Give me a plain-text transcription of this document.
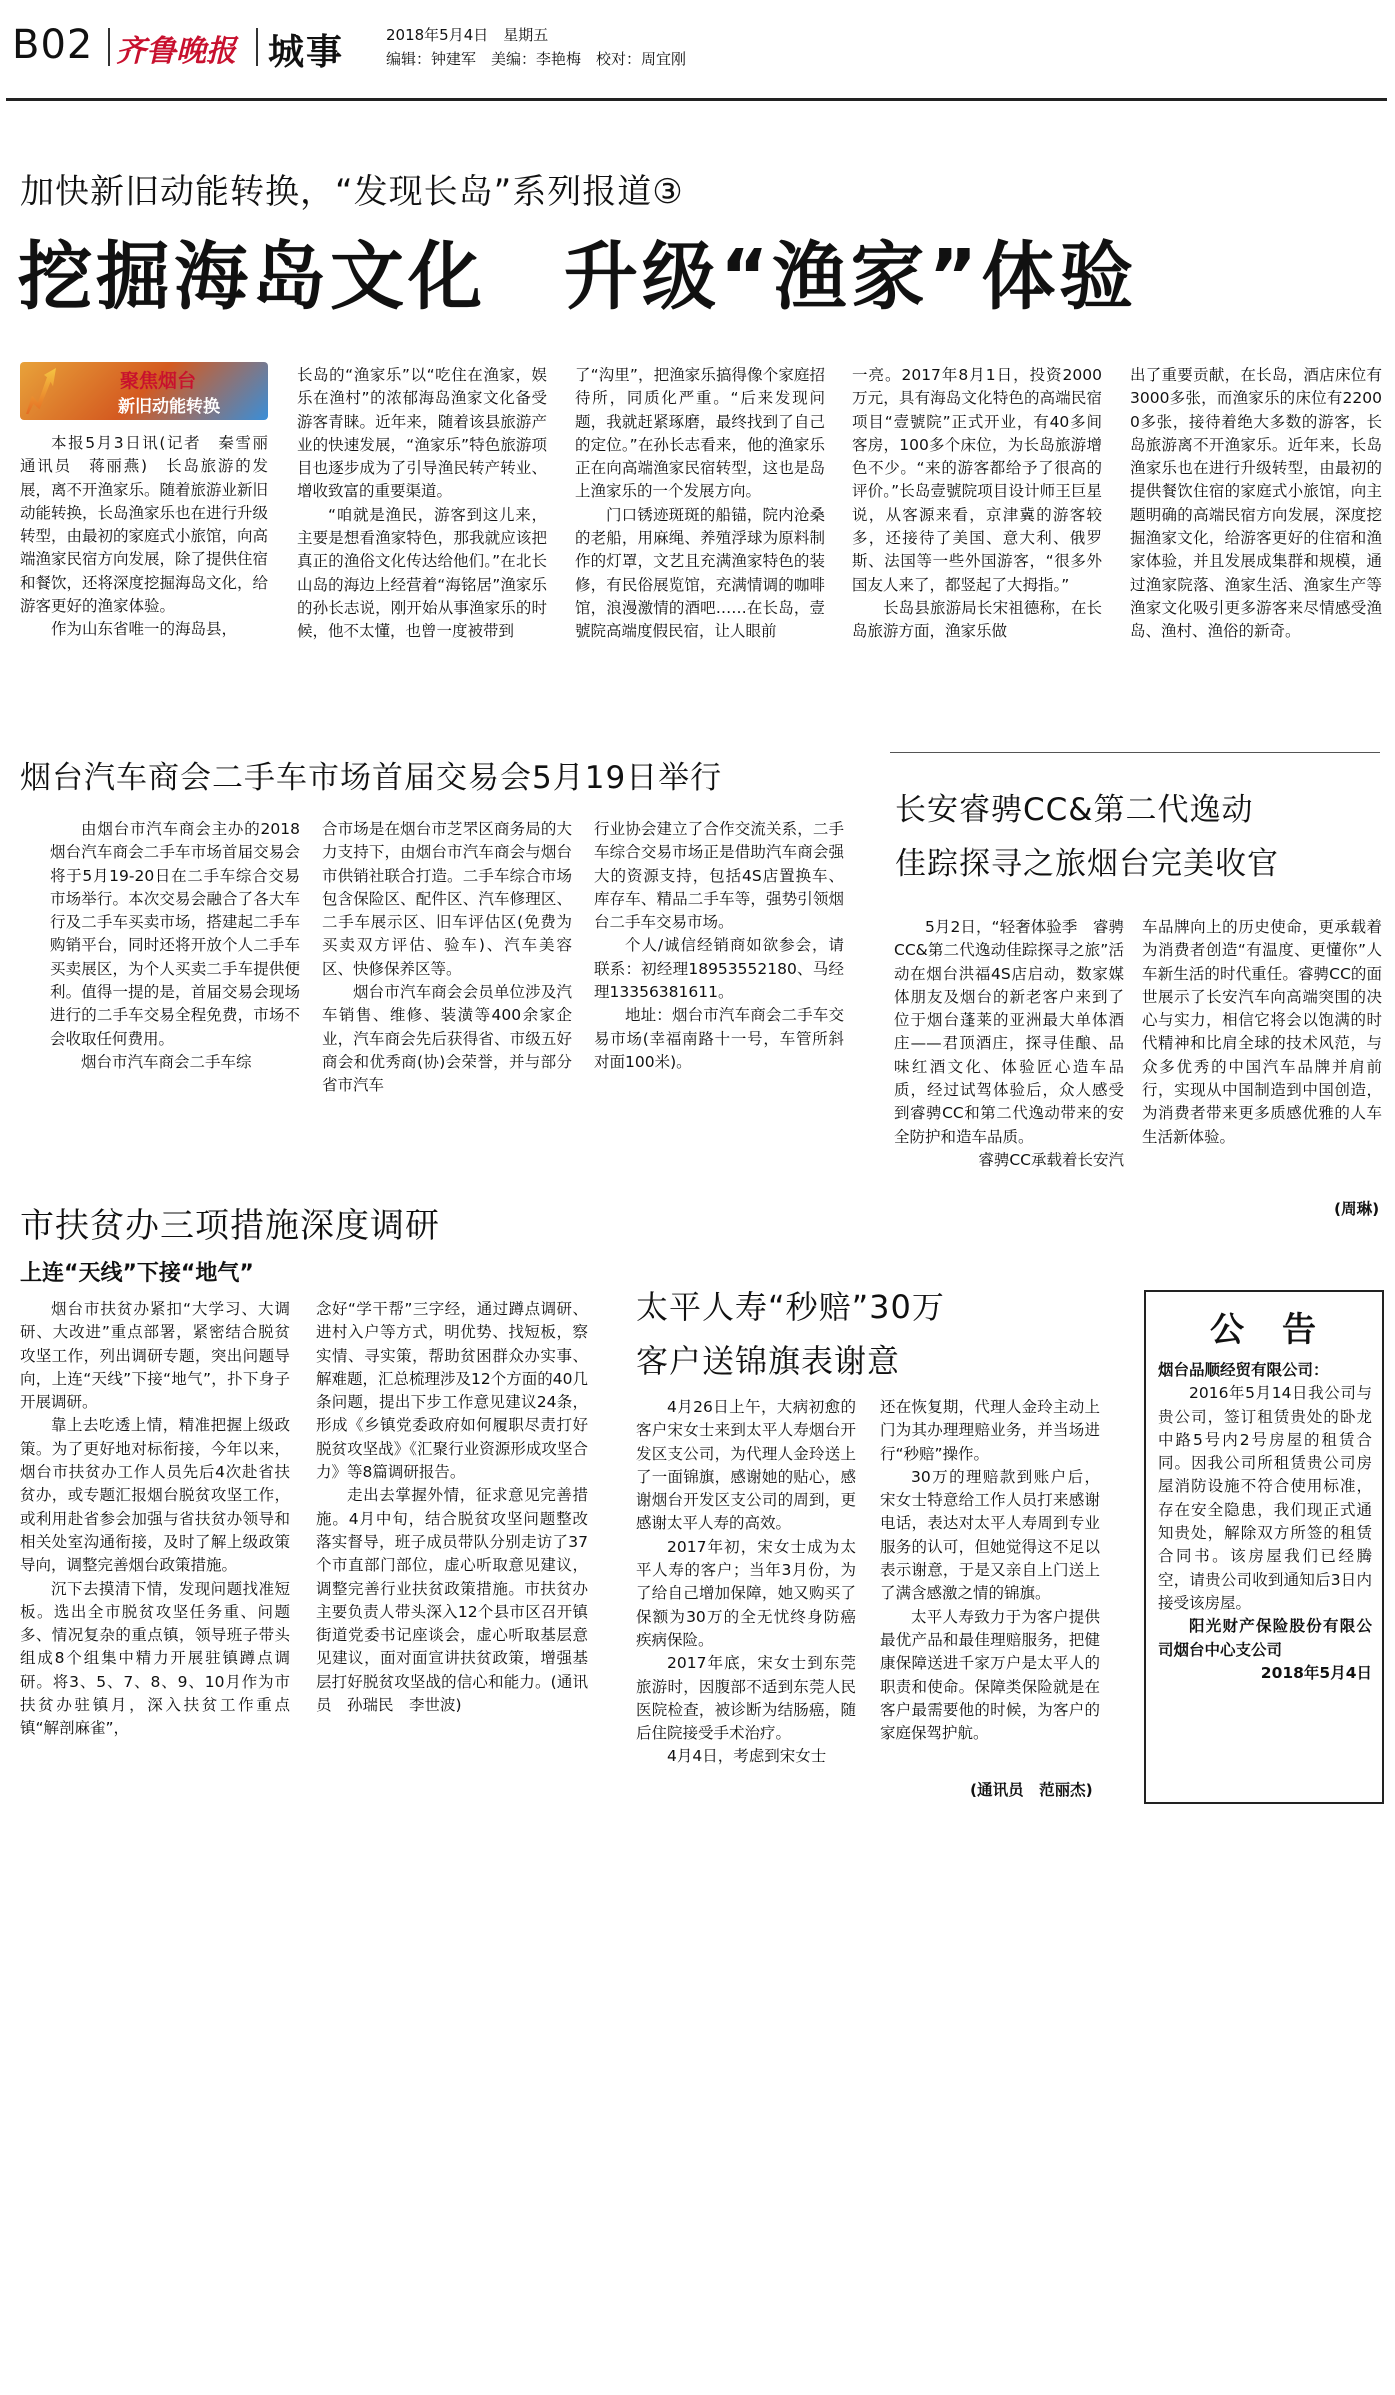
B02 齐鲁晚报 城事	2018年5月4日　星期五
编辑：钟建军　美编：李艳梅　校对：周宜刚
加快新旧动能转换，“发现长岛”系列报道③
挖掘海岛文化　升级“渔家”体验
聚焦烟台
新旧动能转换

本报5月3日讯(记者　秦雪丽　通讯员　蒋丽燕)　长岛旅游的发展，离不开渔家乐。随着旅游业新旧动能转换，长岛渔家乐也在进行升级转型，由最初的家庭式小旅馆，向高端渔家民宿方向发展，除了提供住宿和餐饮，还将深度挖掘海岛文化，给游客更好的渔家体验。

作为山东省唯一的海岛县，

长岛的“渔家乐”以“吃住在渔家，娱乐在渔村”的浓郁海岛渔家文化备受游客青睐。近年来，随着该县旅游产业的快速发展，“渔家乐”特色旅游项目也逐步成为了引导渔民转产转业、增收致富的重要渠道。

“咱就是渔民，游客到这儿来，主要是想看渔家特色，那我就应该把真正的渔俗文化传达给他们。”在北长山岛的海边上经营着“海铭居”渔家乐的孙长志说，刚开始从事渔家乐的时候，他不太懂，也曾一度被带到

了“沟里”，把渔家乐搞得像个家庭招待所，同质化严重。“后来发现问题，我就赶紧琢磨，最终找到了自己的定位。”在孙长志看来，他的渔家乐正在向高端渔家民宿转型，这也是岛上渔家乐的一个发展方向。

门口锈迹斑斑的船锚，院内沧桑的老船，用麻绳、养殖浮球为原料制作的灯罩，文艺且充满渔家特色的装修，有民俗展览馆，充满情调的咖啡馆，浪漫激情的酒吧……在长岛，壹號院高端度假民宿，让人眼前

一亮。2017年8月1日，投资2000万元，具有海岛文化特色的高端民宿项目“壹號院”正式开业，有40多间客房，100多个床位，为长岛旅游增色不少。“来的游客都给予了很高的评价。”长岛壹號院项目设计师王巨星说，从客源来看，京津冀的游客较多，还接待了美国、意大利、俄罗斯、法国等一些外国游客，“很多外国友人来了，都竖起了大拇指。”

长岛县旅游局长宋祖德称，在长岛旅游方面，渔家乐做

出了重要贡献，在长岛，酒店床位有3000多张，而渔家乐的床位有22000多张，接待着绝大多数的游客，长岛旅游离不开渔家乐。近年来，长岛渔家乐也在进行升级转型，由最初的提供餐饮住宿的家庭式小旅馆，向主题明确的高端民宿方向发展，深度挖掘渔家文化，给游客更好的住宿和渔家体验，并且发展成集群和规模，通过渔家院落、渔家生活、渔家生产等渔家文化吸引更多游客来尽情感受渔岛、渔村、渔俗的新奇。

烟台汽车商会二手车市场首届交易会5月19日举行

由烟台市汽车商会主办的2018烟台汽车商会二手车市场首届交易会将于5月19-20日在二手车综合交易市场举行。本次交易会融合了各大车行及二手车买卖市场，搭建起二手车购销平台，同时还将开放个人二手车买卖展区，为个人买卖二手车提供便利。值得一提的是，首届交易会现场进行的二手车交易全程免费，市场不会收取任何费用。

烟台市汽车商会二手车综

合市场是在烟台市芝罘区商务局的大力支持下，由烟台市汽车商会与烟台市供销社联合打造。二手车综合市场包含保险区、配件区、汽车修理区、二手车展示区、旧车评估区(免费为买卖双方评估、验车)、汽车美容区、快修保养区等。

烟台市汽车商会会员单位涉及汽车销售、维修、装潢等400余家企业，汽车商会先后获得省、市级五好商会和优秀商(协)会荣誉，并与部分省市汽车

行业协会建立了合作交流关系，二手车综合交易市场正是借助汽车商会强大的资源支持，包括4S店置换车、库存车、精品二手车等，强势引领烟台二手车交易市场。

个人/诚信经销商如欲参会，请联系：初经理18953552180、马经理13356381611。

地址：烟台市汽车商会二手车交易市场(幸福南路十一号，车管所斜对面100米)。

长安睿骋CC&第二代逸动
佳踪探寻之旅烟台完美收官

5月2日，“轻奢体验季　睿骋CC&第二代逸动佳踪探寻之旅”活动在烟台洪福4S店启动，数家媒体朋友及烟台的新老客户来到了位于烟台蓬莱的亚洲最大单体酒庄——君顶酒庄，探寻佳酿、品味红酒文化、体验匠心造车品质，经过试驾体验后，众人感受到睿骋CC和第二代逸动带来的安全防护和造车品质。

睿骋CC承载着长安汽

车品牌向上的历史使命，更承载着为消费者创造“有温度、更懂你”人车新生活的时代重任。睿骋CC的面世展示了长安汽车向高端突围的决心与实力，相信它将会以饱满的时代精神和比肩全球的技术风范，与众多优秀的中国汽车品牌并肩前行，实现从中国制造到中国创造，为消费者带来更多质感优雅的人车生活新体验。

(周琳)
市扶贫办三项措施深度调研
上连“天线”下接“地气”

烟台市扶贫办紧扣“大学习、大调研、大改进”重点部署，紧密结合脱贫攻坚工作，列出调研专题，突出问题导向，上连“天线”下接“地气”，扑下身子开展调研。

靠上去吃透上情，精准把握上级政策。为了更好地对标衔接，今年以来，烟台市扶贫办工作人员先后4次赴省扶贫办，或专题汇报烟台脱贫攻坚工作，或利用赴省参会加强与省扶贫办领导和相关处室沟通衔接，及时了解上级政策导向，调整完善烟台政策措施。

沉下去摸清下情，发现问题找准短板。选出全市脱贫攻坚任务重、问题多、情况复杂的重点镇，领导班子带头组成8个组集中精力开展驻镇蹲点调研。将3、5、7、8、9、10月作为市扶贫办驻镇月，深入扶贫工作重点镇“解剖麻雀”，

念好“学干帮”三字经，通过蹲点调研、进村入户等方式，明优势、找短板，察实情、寻实策，帮助贫困群众办实事、解难题，汇总梳理涉及12个方面的40几条问题，提出下步工作意见建议24条，形成《乡镇党委政府如何履职尽责打好脱贫攻坚战》《汇聚行业资源形成攻坚合力》等8篇调研报告。

走出去掌握外情，征求意见完善措施。4月中旬，结合脱贫攻坚问题整改落实督导，班子成员带队分别走访了37个市直部门部位，虚心听取意见建议，调整完善行业扶贫政策措施。市扶贫办主要负责人带头深入12个县市区召开镇街道党委书记座谈会，虚心听取基层意见建议，面对面宣讲扶贫政策，增强基层打好脱贫攻坚战的信心和能力。(通讯员　孙瑞民　李世波)

太平人寿“秒赔”30万
客户送锦旗表谢意

4月26日上午，大病初愈的客户宋女士来到太平人寿烟台开发区支公司，为代理人金玲送上了一面锦旗，感谢她的贴心，感谢烟台开发区支公司的周到，更感谢太平人寿的高效。

2017年初，宋女士成为太平人寿的客户；当年3月份，为了给自己增加保障，她又购买了保额为30万的全无忧终身防癌疾病保险。

2017年底，宋女士到东莞旅游时，因腹部不适到东莞人民医院检查，被诊断为结肠癌，随后住院接受手术治疗。

4月4日，考虑到宋女士

还在恢复期，代理人金玲主动上门为其办理理赔业务，并当场进行“秒赔”操作。

30万的理赔款到账户后，宋女士特意给工作人员打来感谢电话，表达对太平人寿周到专业服务的认可，但她觉得这不足以表示谢意，于是又亲自上门送上了满含感激之情的锦旗。

太平人寿致力于为客户提供最优产品和最佳理赔服务，把健康保障送进千家万户是太平人的职责和使命。保障类保险就是在客户最需要他的时候，为客户的家庭保驾护航。

(通讯员　范丽杰)
公　告

烟台品顺经贸有限公司：

2016年5月14日我公司与贵公司，签订租赁贵处的卧龙中路5号内2号房屋的租赁合同。因我公司所租赁贵公司房屋消防设施不符合使用标准，存在安全隐患，我们现正式通知贵处，解除双方所签的租赁合同书。该房屋我们已经腾空，请贵公司收到通知后3日内接受该房屋。

阳光财产保险股份有限公司烟台中心支公司

2018年5月4日
